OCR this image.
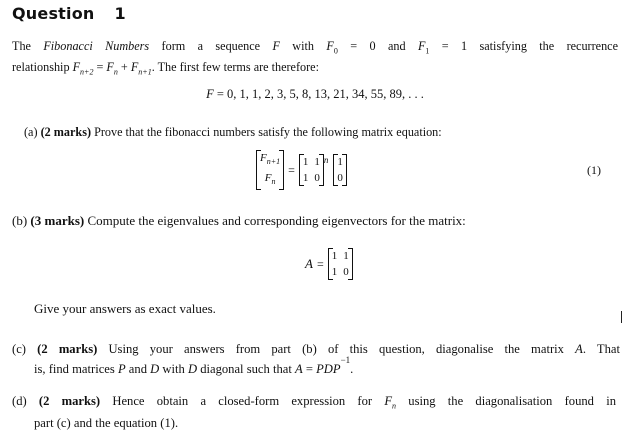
Question 1
The Fibonacci Numbers form a sequence F with $F_0 = 0$ and $F_1 = 1$ satisfying the recurrence
relationship $F_{n+2} = F_n + F_{n+1}$. The first few terms are therefore:
F = 0, 1, 1, 2, 3, 5, 8, 13, 21, 34, 55, 89, . . .
(a) (2 marks) Prove that the fibonacci numbers satisfy the following matrix equation:
$F_{n+1}$
$F_n$
=
1
1
1
0
n 1
0
(1)
(b) (3 marks) Compute the eigenvalues and corresponding eigenvectors for the matrix:
A =
1
1
1
0
Give your answers as exact values.
(c) (2 marks) Using your answers from part (b) of this question, diagonalise the matrix A. That
is, find matrices P and D with D diagonal such that $A = PDP^{-1}$.
(d) (2 marks) Hence obtain a closed-form expression for $F_n$ using the diagonalisation found in
part (c) and the equation (1).
